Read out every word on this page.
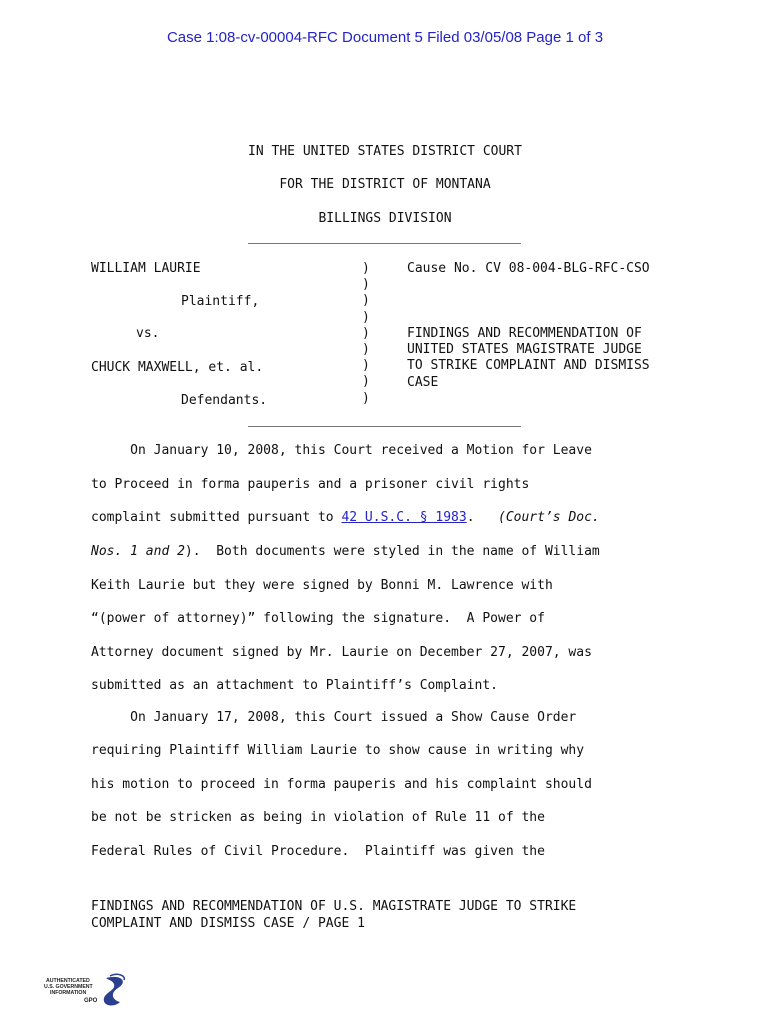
Case 1:08-cv-00004-RFC Document 5 Filed 03/05/08 Page 1 of 3
IN THE UNITED STATES DISTRICT COURT
FOR THE DISTRICT OF MONTANA
BILLINGS DIVISION
WILLIAM LAURIE
Plaintiff,
vs.
CHUCK MAXWELL, et. al.
Defendants.
)
)
)
)
)
)
)
)
)
Cause No. CV 08-004-BLG-RFC-CSO
FINDINGS AND RECOMMENDATION OF
UNITED STATES MAGISTRATE JUDGE
TO STRIKE COMPLAINT AND DISMISS
CASE
On January 10, 2008, this Court received a Motion for Leave
to Proceed in forma pauperis and a prisoner civil rights
complaint submitted pursuant to 42 U.S.C. § 1983.   (Court’s Doc.
Nos. 1 and 2).  Both documents were styled in the name of William
Keith Laurie but they were signed by Bonni M. Lawrence with
“(power of attorney)” following the signature.  A Power of
Attorney document signed by Mr. Laurie on December 27, 2007, was
submitted as an attachment to Plaintiff’s Complaint.
On January 17, 2008, this Court issued a Show Cause Order
requiring Plaintiff William Laurie to show cause in writing why
his motion to proceed in forma pauperis and his complaint should
be not be stricken as being in violation of Rule 11 of the
Federal Rules of Civil Procedure.  Plaintiff was given the
FINDINGS AND RECOMMENDATION OF U.S. MAGISTRATE JUDGE TO STRIKE
COMPLAINT AND DISMISS CASE / PAGE 1
AUTHENTICATED
U.S. GOVERNMENT
INFORMATION
GPO
